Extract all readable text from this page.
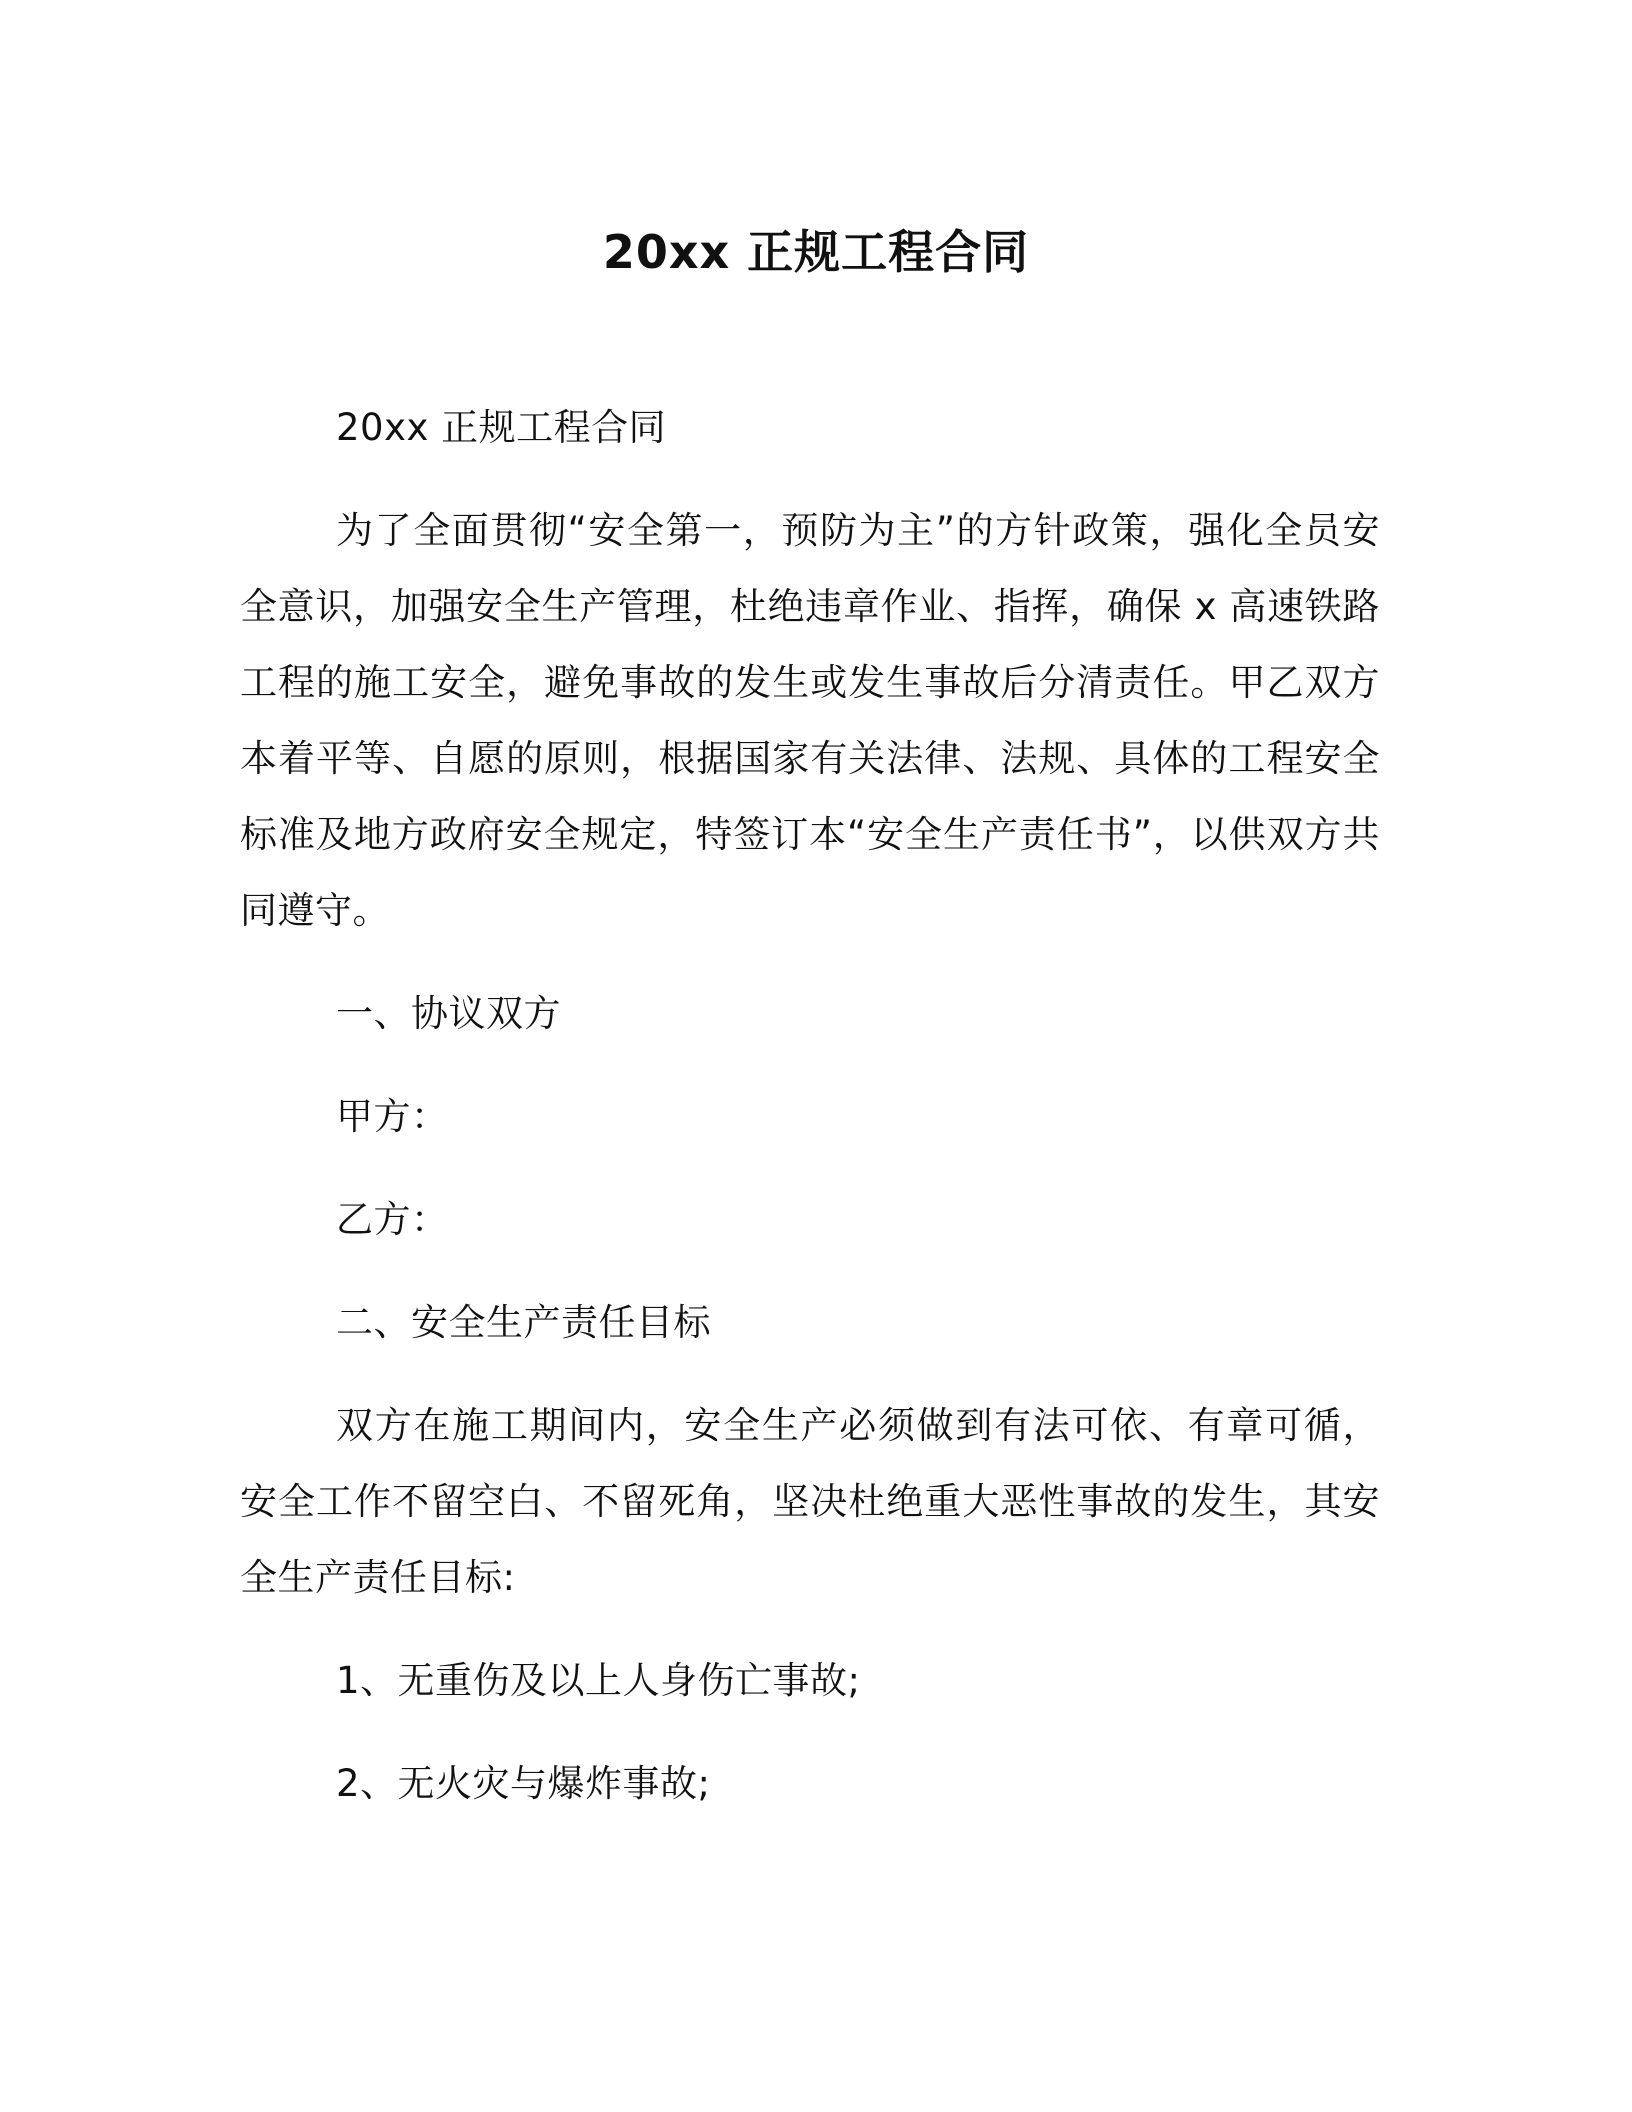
20xx 正规工程合同

20xx 正规工程合同

为了全面贯彻“安全第一，预防为主”的方针政策，强化全员安全意识，加强安全生产管理，杜绝违章作业、指挥，确保 x 高速铁路工程的施工安全，避免事故的发生或发生事故后分清责任。甲乙双方本着平等、自愿的原则，根据国家有关法律、法规、具体的工程安全标准及地方政府安全规定，特签订本“安全生产责任书”，以供双方共同遵守。

一、协议双方

甲方：

乙方：

二、安全生产责任目标

双方在施工期间内，安全生产必须做到有法可依、有章可循，安全工作不留空白、不留死角，坚决杜绝重大恶性事故的发生，其安全生产责任目标:

1、无重伤及以上人身伤亡事故;

2、无火灾与爆炸事故;
